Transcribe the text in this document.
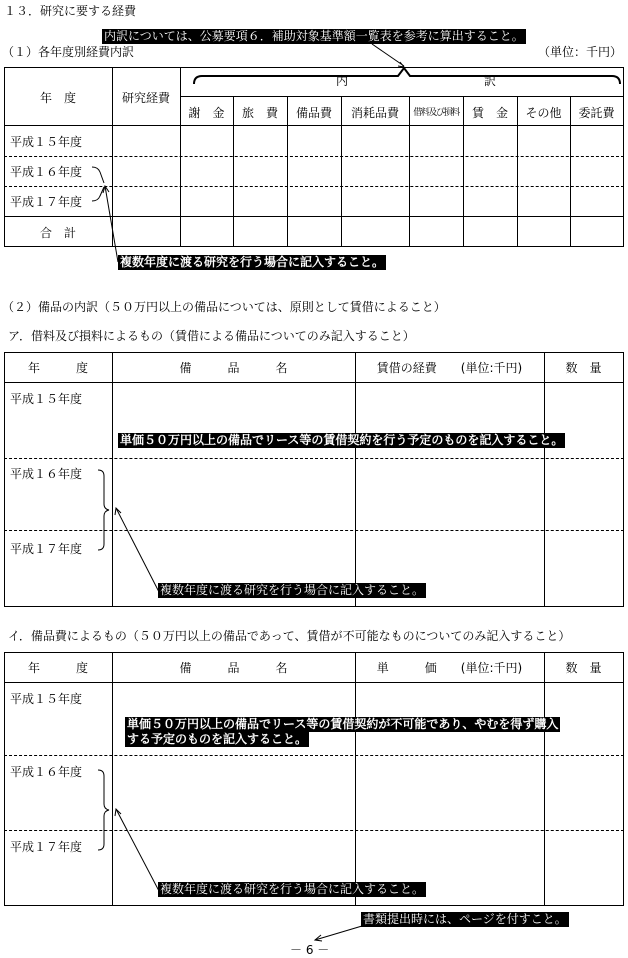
１３．研究に要する経費
内訳については、公募要項６．補助対象基準額一覧表を参考に算出すること。
（１）各年度別経費内訳	（単位：千円）
年　度	研究経費
内	訳
謝　金	旅　費	備品費	消耗品費	借料及び損料	賃　金	その他	委託費
平成１５年度
平成１６年度
平成１７年度
合　計
複数年度に渡る研究を行う場合に記入すること。
（２）備品の内訳（５０万円以上の備品については、原則として賃借によること）
ア．借料及び損料によるもの（賃借による備品についてのみ記入すること）
年　　　度	備　　　品　　　名	賃借の経費　　(単位:千円)	数　量
平成１５年度
平成１６年度
平成１７年度
単価５０万円以上の備品でリース等の賃借契約を行う予定のものを記入すること。
複数年度に渡る研究を行う場合に記入すること。
イ．備品費によるもの（５０万円以上の備品であって、賃借が不可能なものについてのみ記入すること）
年　　　度	備　　　品　　　名	単　　　価　　(単位:千円)	数　量
平成１５年度
平成１６年度
平成１７年度
単価５０万円以上の備品でリース等の賃借契約が不可能であり、やむを得ず購入
する予定のものを記入すること。
複数年度に渡る研究を行う場合に記入すること。
書類提出時には、ページを付すこと。
－ 6 －
